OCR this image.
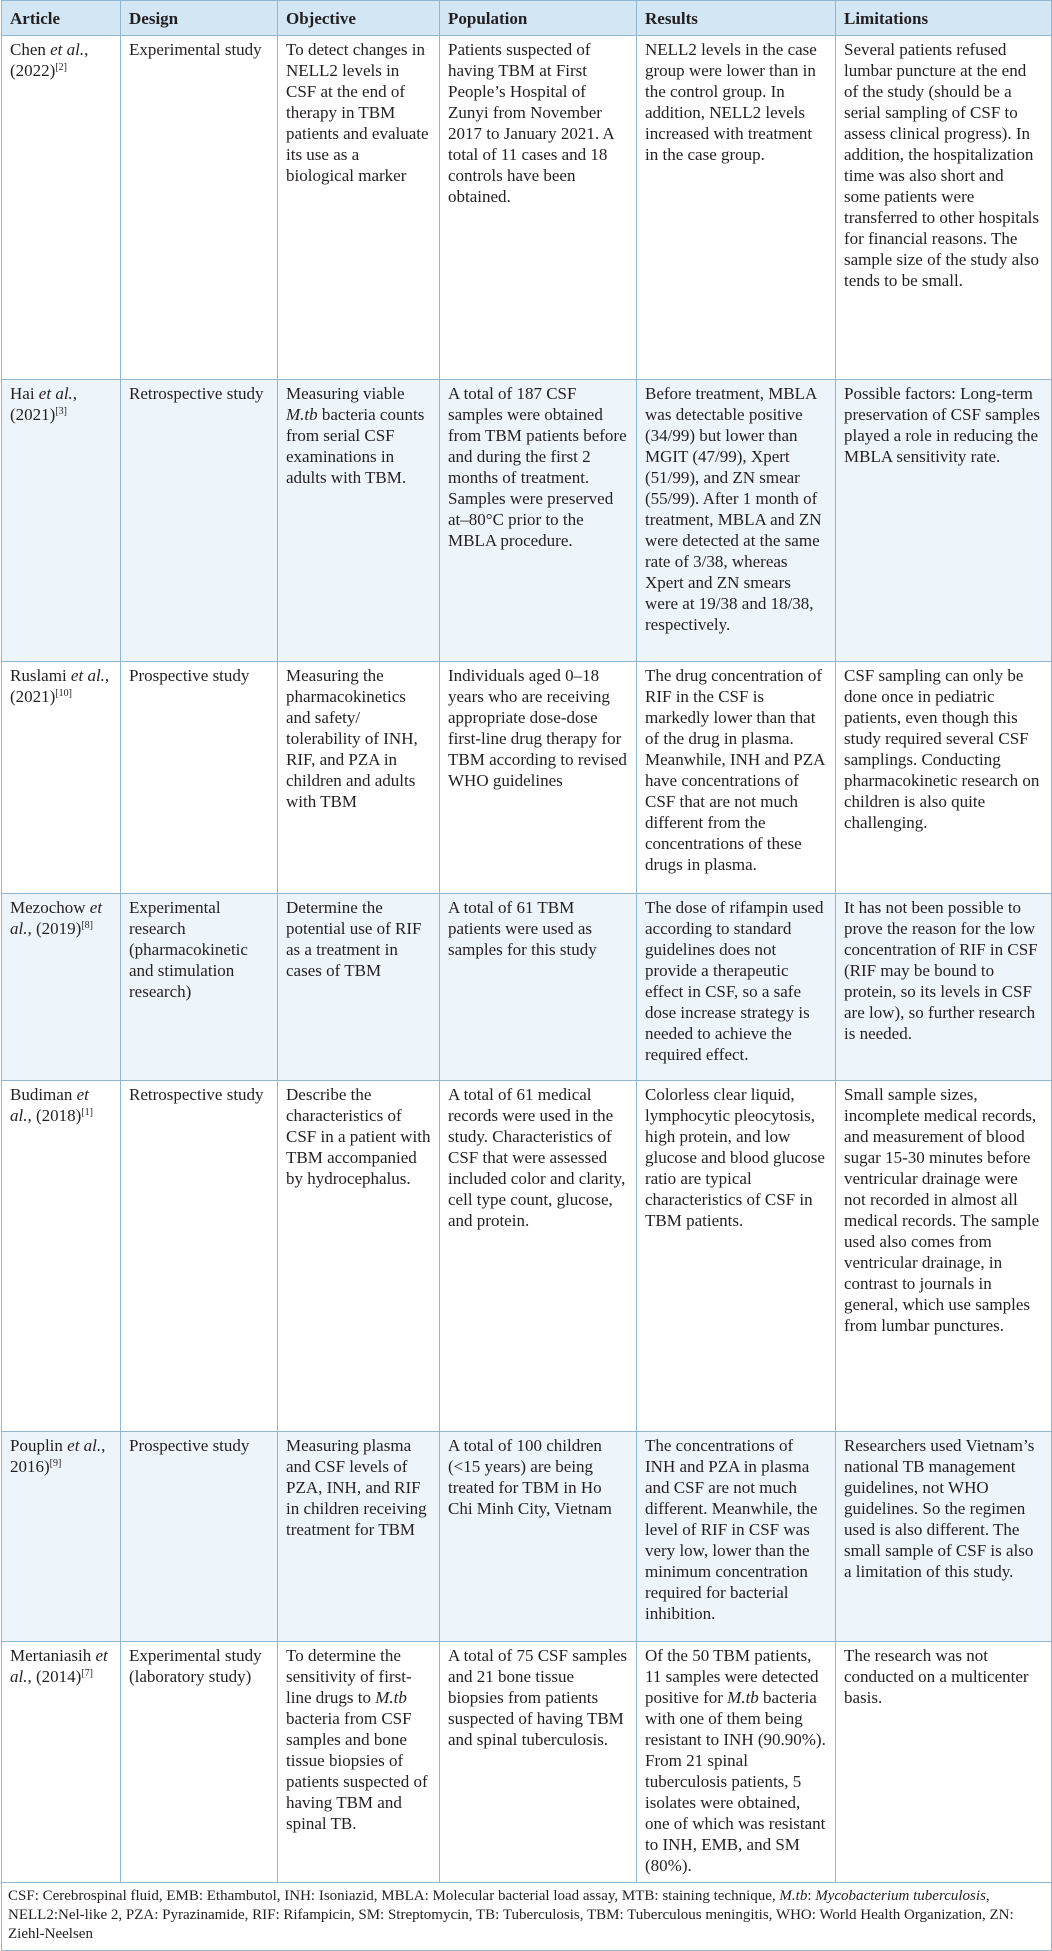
Article	Design	Objective	Population	Results	Limitations
Chen et al., (2022)[2]	Experimental study	To detect changes in NELL2 levels in CSF at the end of therapy in TBM patients and evaluate its use as a biological marker	Patients suspected of having TBM at First People’s Hospital of Zunyi from November 2017 to January 2021. A total of 11 cases and 18 controls have been obtained.	NELL2 levels in the case group were lower than in the control group. In addition, NELL2 levels increased with treatment in the case group.	Several patients refused lumbar puncture at the end of the study (should be a serial sampling of CSF to assess clinical progress). In addition, the hospitalization time was also short and some patients were transferred to other hospitals for financial reasons. The sample size of the study also tends to be small.
Hai et al., (2021)[3]	Retrospective study	Measuring viable M.tb bacteria counts from serial CSF examinations in adults with TBM.	A total of 187 CSF samples were obtained from TBM patients before and during the first 2 months of treatment. Samples were preserved at–80°C prior to the MBLA procedure.	Before treatment, MBLA was detectable positive (34/99) but lower than MGIT (47/99), Xpert (51/99), and ZN smear (55/99). After 1 month of treatment, MBLA and ZN were detected at the same rate of 3/38, whereas Xpert and ZN smears were at 19/38 and 18/38, respectively.	Possible factors: Long-term preservation of CSF samples played a role in reducing the MBLA sensitivity rate.
Ruslami et al., (2021)[10]	Prospective study	Measuring the pharmacokinetics and safety/ tolerability of INH, RIF, and PZA in children and adults with TBM	Individuals aged 0–18 years who are receiving appropriate dose-dose first-line drug therapy for TBM according to revised WHO guidelines	The drug concentration of RIF in the CSF is markedly lower than that of the drug in plasma. Meanwhile, INH and PZA have concentrations of CSF that are not much different from the concentrations of these drugs in plasma.	CSF sampling can only be done once in pediatric patients, even though this study required several CSF samplings. Conducting pharmacokinetic research on children is also quite challenging.
Mezochow et al., (2019)[8]	Experimental research (pharmacokinetic and stimulation research)	Determine the potential use of RIF as a treatment in cases of TBM	A total of 61 TBM patients were used as samples for this study	The dose of rifampin used according to standard guidelines does not provide a therapeutic effect in CSF, so a safe dose increase strategy is needed to achieve the required effect.	It has not been possible to prove the reason for the low concentration of RIF in CSF (RIF may be bound to protein, so its levels in CSF are low), so further research is needed.
Budiman et al., (2018)[1]	Retrospective study	Describe the characteristics of CSF in a patient with TBM accompanied by hydrocephalus.	A total of 61 medical records were used in the study. Characteristics of CSF that were assessed included color and clarity, cell type count, glucose, and protein.	Colorless clear liquid, lymphocytic pleocytosis, high protein, and low glucose and blood glucose ratio are typical characteristics of CSF in TBM patients.	Small sample sizes, incomplete medical records, and measurement of blood sugar 15-30 minutes before ventricular drainage were not recorded in almost all medical records. The sample used also comes from ventricular drainage, in contrast to journals in general, which use samples from lumbar punctures.
Pouplin et al., 2016)[9]	Prospective study	Measuring plasma and CSF levels of PZA, INH, and RIF in children receiving treatment for TBM	A total of 100 children (<15 years) are being treated for TBM in Ho Chi Minh City, Vietnam	The concentrations of INH and PZA in plasma and CSF are not much different. Meanwhile, the level of RIF in CSF was very low, lower than the minimum concentration required for bacterial inhibition.	Researchers used Vietnam’s national TB management guidelines, not WHO guidelines. So the regimen used is also different. The small sample of CSF is also a limitation of this study.
Mertaniasih et al., (2014)[7]	Experimental study (laboratory study)	To determine the sensitivity of first-line drugs to M.tb bacteria from CSF samples and bone tissue biopsies of patients suspected of having TBM and spinal TB.	A total of 75 CSF samples and 21 bone tissue biopsies from patients suspected of having TBM and spinal tuberculosis.	Of the 50 TBM patients, 11 samples were detected positive for M.tb bacteria with one of them being resistant to INH (90.90%). From 21 spinal tuberculosis patients, 5 isolates were obtained, one of which was resistant to INH, EMB, and SM (80%).	The research was not conducted on a multicenter basis.
CSF: Cerebrospinal fluid, EMB: Ethambutol, INH: Isoniazid, MBLA: Molecular bacterial load assay, MTB: staining technique, M.tb: Mycobacterium tuberculosis, NELL2:Nel-like 2, PZA: Pyrazinamide, RIF: Rifampicin, SM: Streptomycin, TB: Tuberculosis, TBM: Tuberculous meningitis, WHO: World Health Organization, ZN: Ziehl-Neelsen					
